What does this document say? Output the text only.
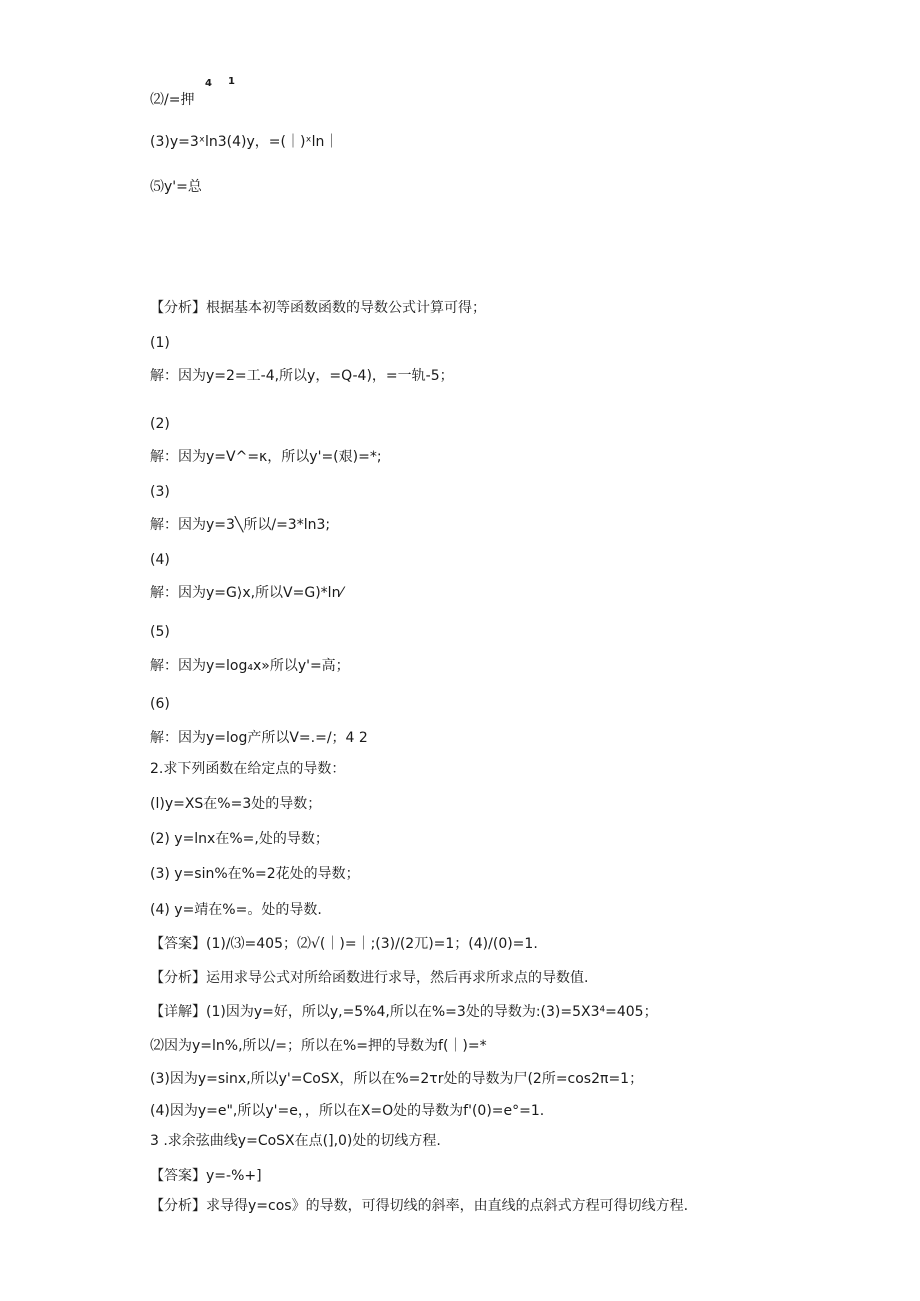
4 1
⑵/=押
(3)y=3ˣln3(4)y，=(｜)ˣln｜
⑸y'=总
【分析】根据基本初等函数函数的导数公式计算可得；
(1)
解：因为y=2=工-4,所以y，=Q-4)，=一轨-5；
(2)
解：因为y=V^=κ，所以y'=(艰)=*;
(3)
解：因为y=3╲所以/=3*ln3;
(4)
解：因为y=G⟩x,所以V=G)*ln⁄
(5)
解：因为y=log₄x»所以y'=高；
(6)
解：因为y=log产所以V=.=/；4 2
2.求下列函数在给定点的导数：
(l)y=XS在%=3处的导数；
(2) y=lnx在%=,处的导数；
(3) y=sin%在%=2花处的导数；
(4) y=靖在%=。处的导数.
【答案】(1)/⑶=405；⑵√(｜)=｜;(3)/(2兀)=1；(4)/(0)=1.
【分析】运用求导公式对所给函数进行求导，然后再求所求点的导数值.
【详解】(1)因为y=好，所以y,=5%4,所以在%=3处的导数为:(3)=5X3⁴=405；
⑵因为y=ln%,所以/=；所以在%=押的导数为f(｜)=*
(3)因为y=sinx,所以y'=CoSX，所以在%=2τr处的导数为尸(2所=cos2π=1；
(4)因为y=e",所以y'=e，，所以在X=O处的导数为f'(0)=e°=1.
3 .求余弦曲线y=CoSX在点(],0)处的切线方程.
【答案】y=-%+]
【分析】求导得y=cos》的导数，可得切线的斜率，由直线的点斜式方程可得切线方程.
